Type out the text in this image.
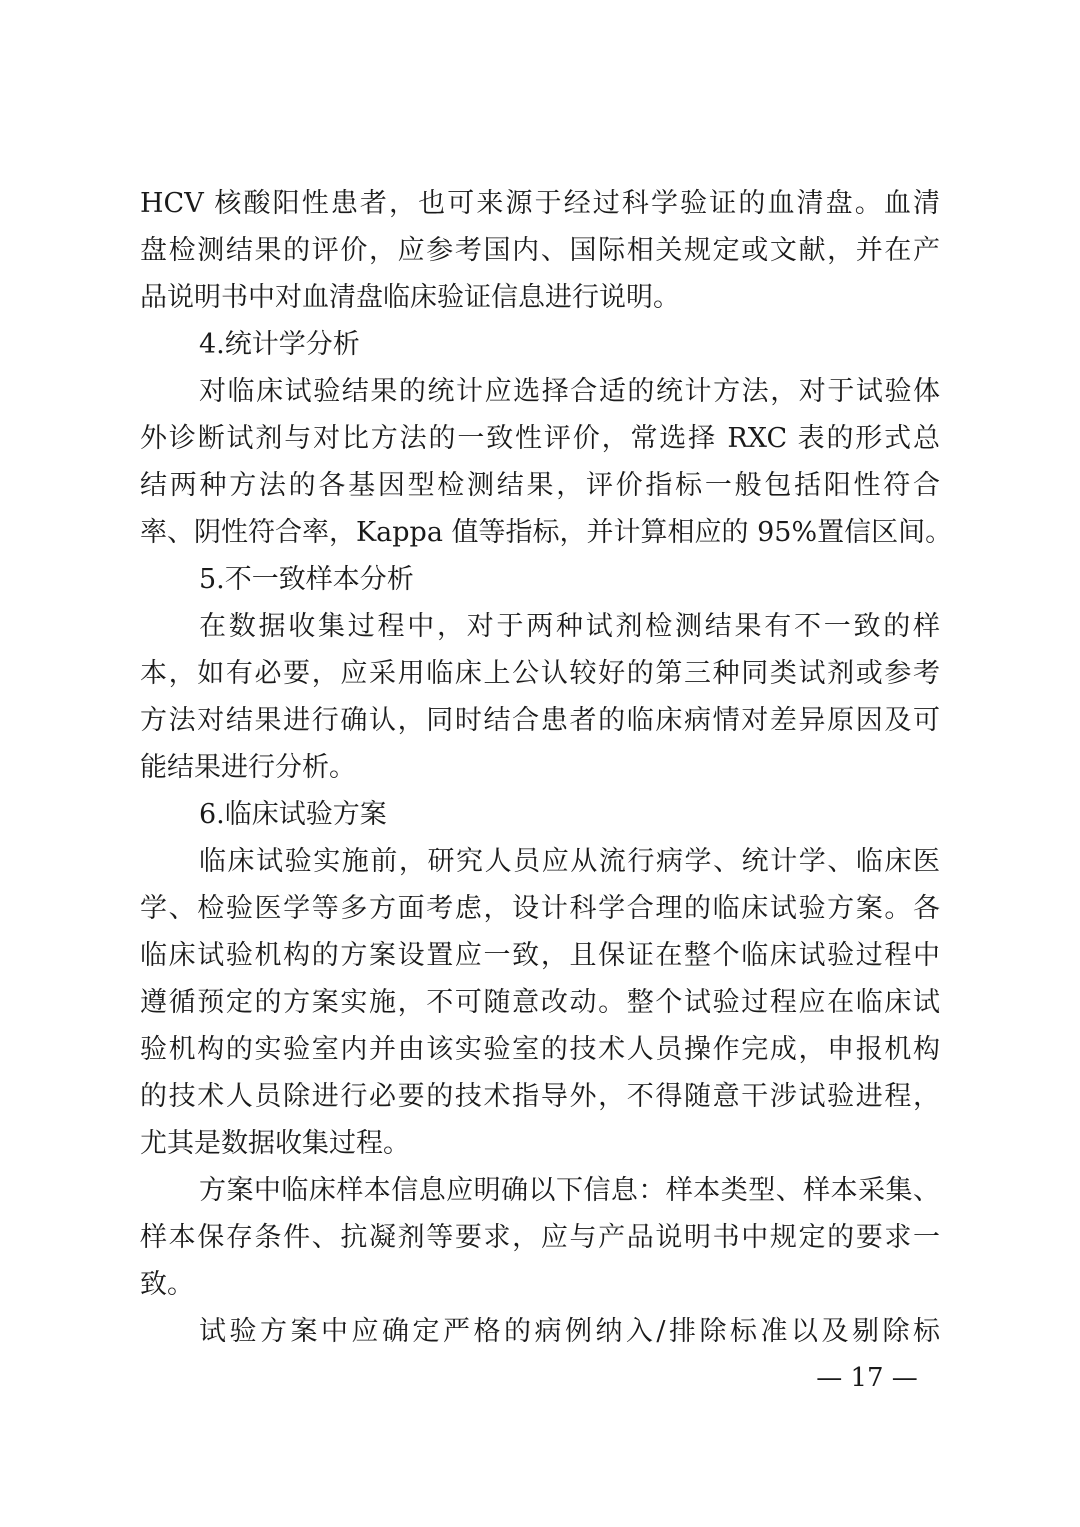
HCV 核酸阳性患者，也可来源于经过科学验证的血清盘。血清
盘检测结果的评价，应参考国内、国际相关规定或文献，并在产
品说明书中对血清盘临床验证信息进行说明。
4.统计学分析
对临床试验结果的统计应选择合适的统计方法，对于试验体
外诊断试剂与对比方法的一致性评价，常选择 RXC 表的形式总
结两种方法的各基因型检测结果，评价指标一般包括阳性符合
率、阴性符合率，Kappa 值等指标，并计算相应的 95%置信区间。
5.不一致样本分析
在数据收集过程中，对于两种试剂检测结果有不一致的样
本，如有必要，应采用临床上公认较好的第三种同类试剂或参考
方法对结果进行确认，同时结合患者的临床病情对差异原因及可
能结果进行分析。
6.临床试验方案
临床试验实施前，研究人员应从流行病学、统计学、临床医
学、检验医学等多方面考虑，设计科学合理的临床试验方案。各
临床试验机构的方案设置应一致，且保证在整个临床试验过程中
遵循预定的方案实施，不可随意改动。整个试验过程应在临床试
验机构的实验室内并由该实验室的技术人员操作完成，申报机构
的技术人员除进行必要的技术指导外，不得随意干涉试验进程，
尤其是数据收集过程。
方案中临床样本信息应明确以下信息：样本类型、样本采集、
样本保存条件、抗凝剂等要求，应与产品说明书中规定的要求一
致。
试验方案中应确定严格的病例纳入/排除标准以及剔除标
— 17 —
